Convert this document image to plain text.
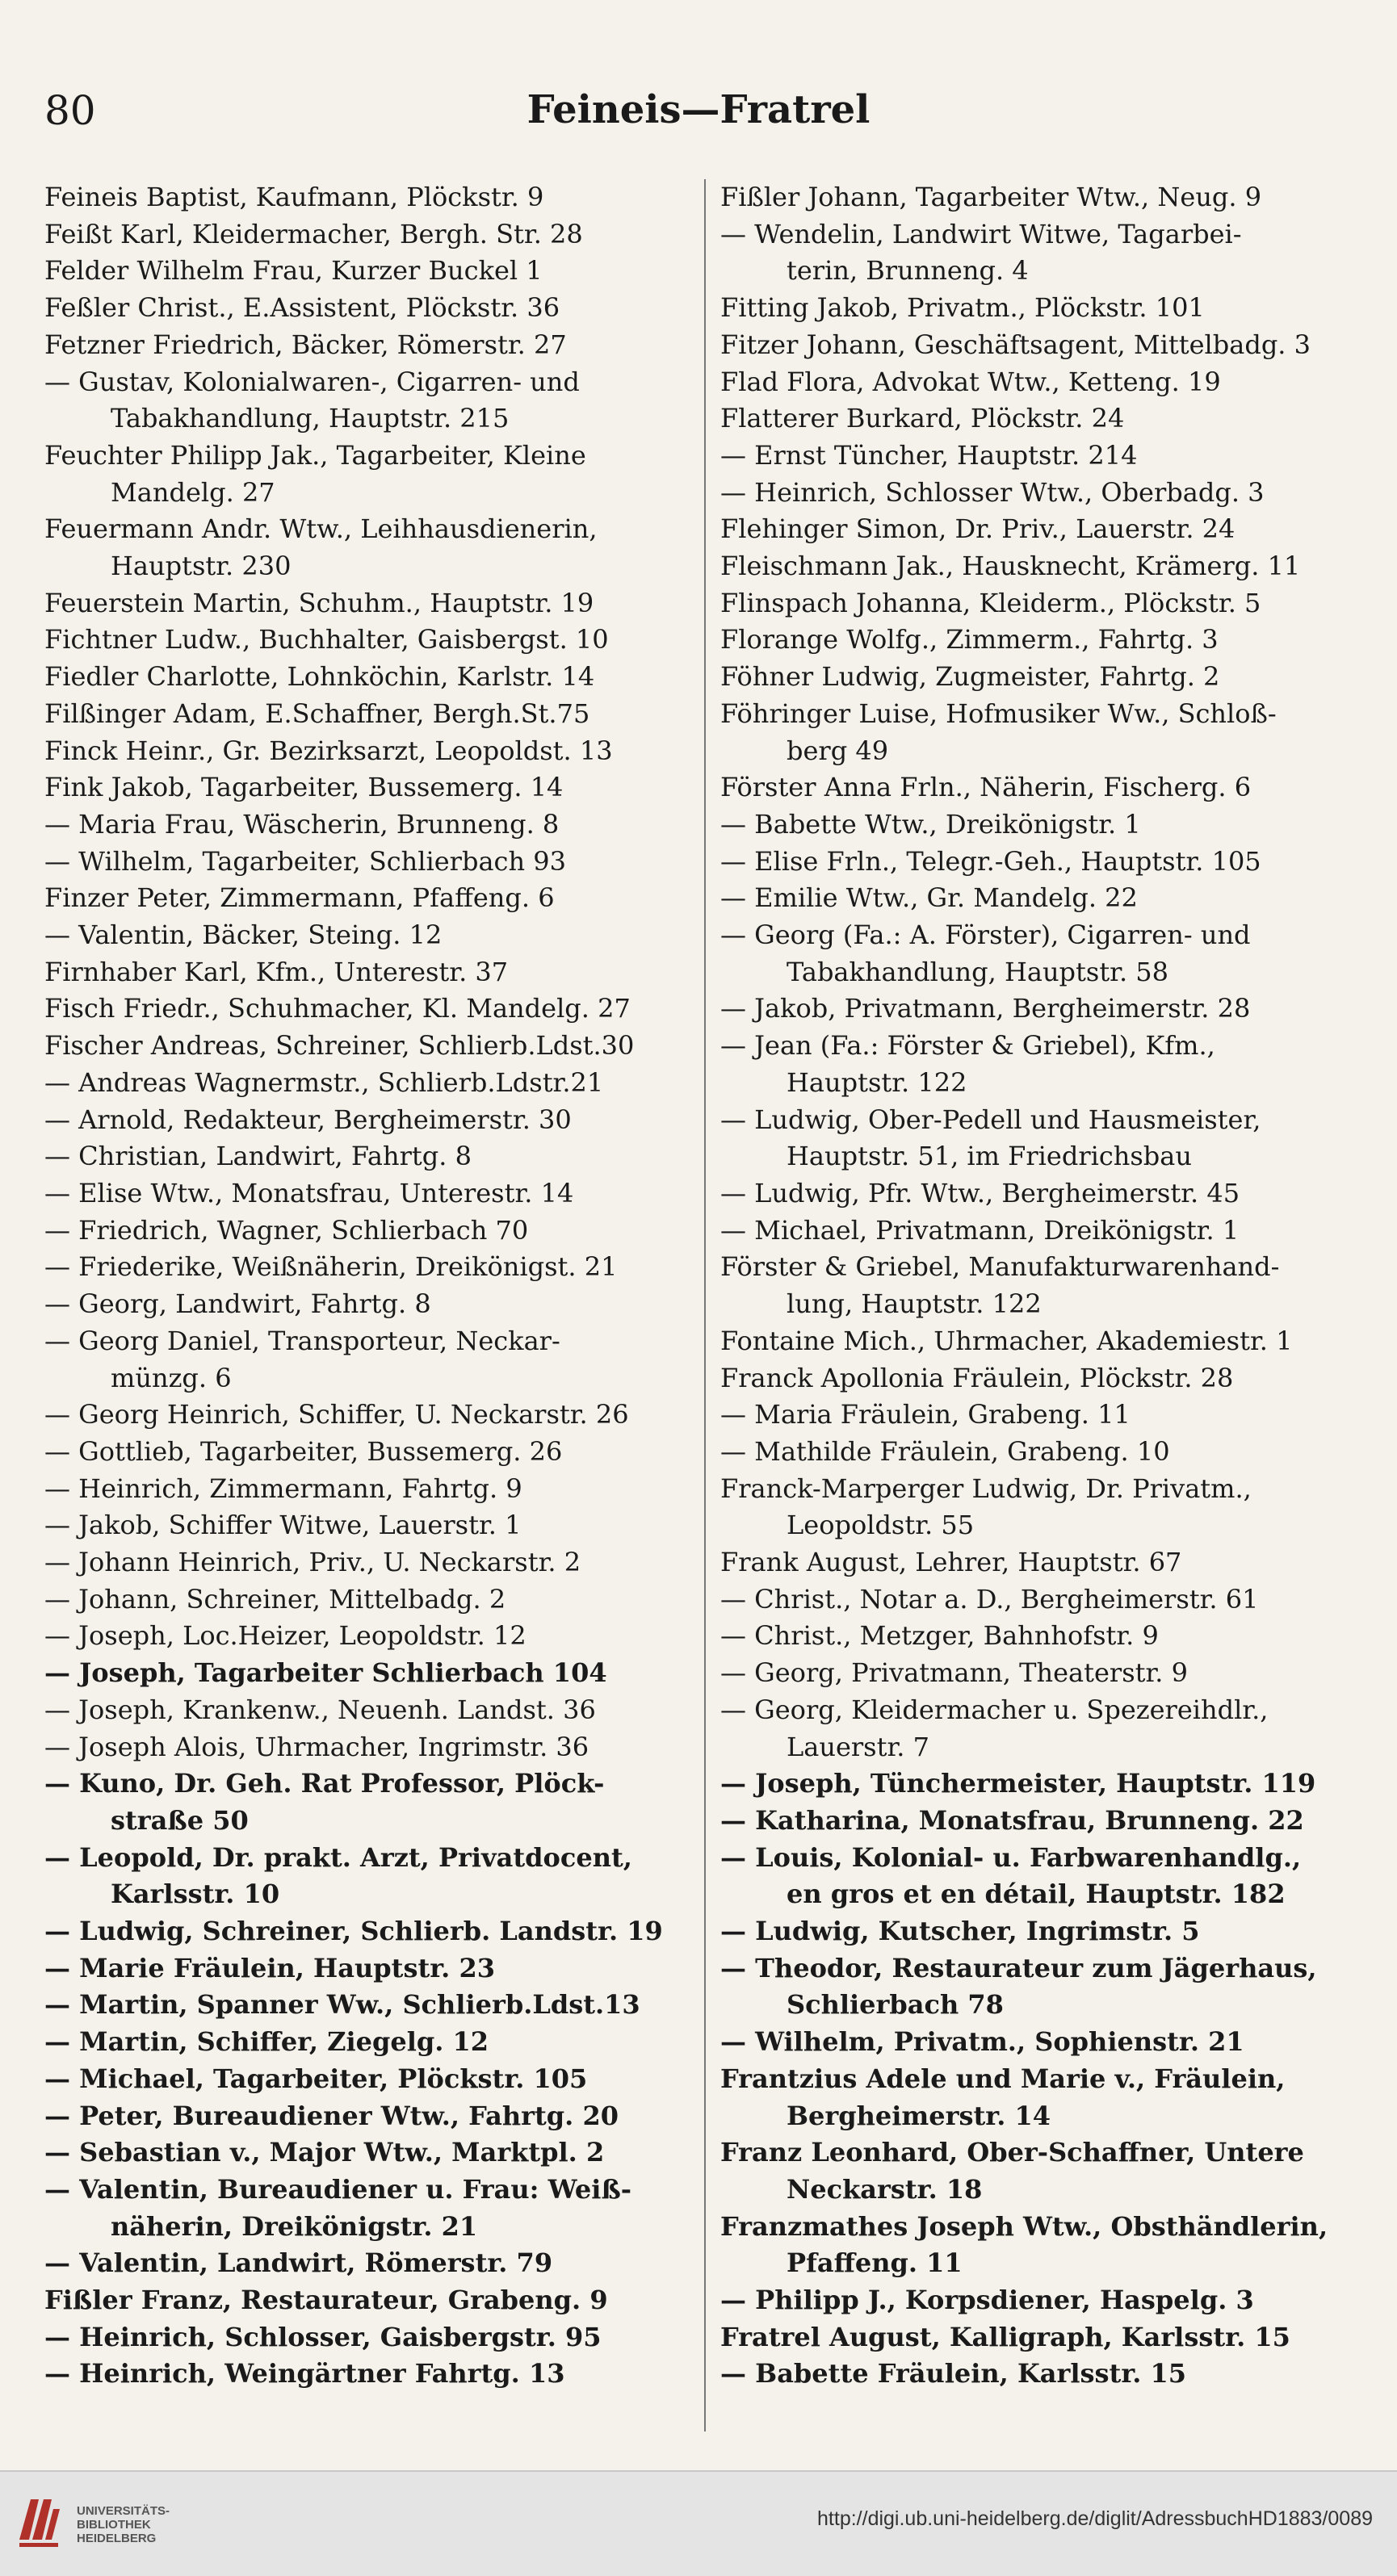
80	Feineis—Fratrel

Feineis Baptist, Kaufmann, Plöckstr. 9

Feißt Karl, Kleidermacher, Bergh. Str. 28

Felder Wilhelm Frau, Kurzer Buckel 1

Feßler Christ., E.Assistent, Plöckstr. 36

Fetzner Friedrich, Bäcker, Römerstr. 27

— Gustav, Kolonialwaren-, Cigarren- und

Tabakhandlung, Hauptstr. 215

Feuchter Philipp Jak., Tagarbeiter, Kleine

Mandelg. 27

Feuermann Andr. Wtw., Leihhausdienerin,

Hauptstr. 230

Feuerstein Martin, Schuhm., Hauptstr. 19

Fichtner Ludw., Buchhalter, Gaisbergst. 10

Fiedler Charlotte, Lohnköchin, Karlstr. 14

Filßinger Adam, E.Schaffner, Bergh.St.75

Finck Heinr., Gr. Bezirksarzt, Leopoldst. 13

Fink Jakob, Tagarbeiter, Bussemerg. 14

— Maria Frau, Wäscherin, Brunneng. 8

— Wilhelm, Tagarbeiter, Schlierbach 93

Finzer Peter, Zimmermann, Pfaffeng. 6

— Valentin, Bäcker, Steing. 12

Firnhaber Karl, Kfm., Unterestr. 37

Fisch Friedr., Schuhmacher, Kl. Mandelg. 27

Fischer Andreas, Schreiner, Schlierb.Ldst.30

— Andreas Wagnermstr., Schlierb.Ldstr.21

— Arnold, Redakteur, Bergheimerstr. 30

— Christian, Landwirt, Fahrtg. 8

— Elise Wtw., Monatsfrau, Unterestr. 14

— Friedrich, Wagner, Schlierbach 70

— Friederike, Weißnäherin, Dreikönigst. 21

— Georg, Landwirt, Fahrtg. 8

— Georg Daniel, Transporteur, Neckar-

münzg. 6

— Georg Heinrich, Schiffer, U. Neckarstr. 26

— Gottlieb, Tagarbeiter, Bussemerg. 26

— Heinrich, Zimmermann, Fahrtg. 9

— Jakob, Schiffer Witwe, Lauerstr. 1

— Johann Heinrich, Priv., U. Neckarstr. 2

— Johann, Schreiner, Mittelbadg. 2

— Joseph, Loc.Heizer, Leopoldstr. 12

— Joseph, Tagarbeiter Schlierbach 104

— Joseph, Krankenw., Neuenh. Landst. 36

— Joseph Alois, Uhrmacher, Ingrimstr. 36

— Kuno, Dr. Geh. Rat Professor, Plöck-

straße 50

— Leopold, Dr. prakt. Arzt, Privatdocent,

Karlsstr. 10

— Ludwig, Schreiner, Schlierb. Landstr. 19

— Marie Fräulein, Hauptstr. 23

— Martin, Spanner Ww., Schlierb.Ldst.13

— Martin, Schiffer, Ziegelg. 12

— Michael, Tagarbeiter, Plöckstr. 105

— Peter, Bureaudiener Wtw., Fahrtg. 20

— Sebastian v., Major Wtw., Marktpl. 2

— Valentin, Bureaudiener u. Frau: Weiß-

näherin, Dreikönigstr. 21

— Valentin, Landwirt, Römerstr. 79

Fißler Franz, Restaurateur, Grabeng. 9

— Heinrich, Schlosser, Gaisbergstr. 95

— Heinrich, Weingärtner Fahrtg. 13

Fißler Johann, Tagarbeiter Wtw., Neug. 9

— Wendelin, Landwirt Witwe, Tagarbei-

terin, Brunneng. 4

Fitting Jakob, Privatm., Plöckstr. 101

Fitzer Johann, Geschäftsagent, Mittelbadg. 3

Flad Flora, Advokat Wtw., Ketteng. 19

Flatterer Burkard, Plöckstr. 24

— Ernst Tüncher, Hauptstr. 214

— Heinrich, Schlosser Wtw., Oberbadg. 3

Flehinger Simon, Dr. Priv., Lauerstr. 24

Fleischmann Jak., Hausknecht, Krämerg. 11

Flinspach Johanna, Kleiderm., Plöckstr. 5

Florange Wolfg., Zimmerm., Fahrtg. 3

Föhner Ludwig, Zugmeister, Fahrtg. 2

Föhringer Luise, Hofmusiker Ww., Schloß-

berg 49

Förster Anna Frln., Näherin, Fischerg. 6

— Babette Wtw., Dreikönigstr. 1

— Elise Frln., Telegr.-Geh., Hauptstr. 105

— Emilie Wtw., Gr. Mandelg. 22

— Georg (Fa.: A. Förster), Cigarren- und

Tabakhandlung, Hauptstr. 58

— Jakob, Privatmann, Bergheimerstr. 28

— Jean (Fa.: Förster & Griebel), Kfm.,

Hauptstr. 122

— Ludwig, Ober-Pedell und Hausmeister,

Hauptstr. 51, im Friedrichsbau

— Ludwig, Pfr. Wtw., Bergheimerstr. 45

— Michael, Privatmann, Dreikönigstr. 1

Förster & Griebel, Manufakturwarenhand-

lung, Hauptstr. 122

Fontaine Mich., Uhrmacher, Akademiestr. 1

Franck Apollonia Fräulein, Plöckstr. 28

— Maria Fräulein, Grabeng. 11

— Mathilde Fräulein, Grabeng. 10

Franck-Marperger Ludwig, Dr. Privatm.,

Leopoldstr. 55

Frank August, Lehrer, Hauptstr. 67

— Christ., Notar a. D., Bergheimerstr. 61

— Christ., Metzger, Bahnhofstr. 9

— Georg, Privatmann, Theaterstr. 9

— Georg, Kleidermacher u. Spezereihdlr.,

Lauerstr. 7

— Joseph, Tünchermeister, Hauptstr. 119

— Katharina, Monatsfrau, Brunneng. 22

— Louis, Kolonial- u. Farbwarenhandlg.,

en gros et en détail, Hauptstr. 182

— Ludwig, Kutscher, Ingrimstr. 5

— Theodor, Restaurateur zum Jägerhaus,

Schlierbach 78

— Wilhelm, Privatm., Sophienstr. 21

Frantzius Adele und Marie v., Fräulein,

Bergheimerstr. 14

Franz Leonhard, Ober-Schaffner, Untere

Neckarstr. 18

Franzmathes Joseph Wtw., Obsthändlerin,

Pfaffeng. 11

— Philipp J., Korpsdiener, Haspelg. 3

Fratrel August, Kalligraph, Karlsstr. 15

— Babette Fräulein, Karlsstr. 15

UNIVERSITÄTS-
BIBLIOTHEK
HEIDELBERG
http://digi.ub.uni-heidelberg.de/diglit/AdressbuchHD1883/0089
